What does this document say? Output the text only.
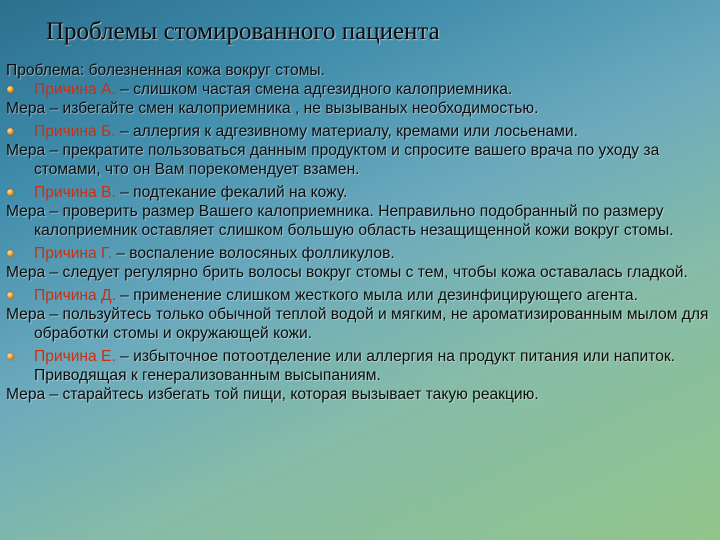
Проблемы стомированного пациента
Проблема: болезненная кожа вокруг стомы.
Причина А. – слишком частая смена адгезидного калоприемника.
Мера – избегайте смен калоприемника , не вызываных необходимостью.
Причина Б. – аллергия к адгезивному материалу, кремами или лосьенами.
Мера – прекратите пользоваться данным продуктом и спросите вашего врача по уходу за стомами, что он Вам порекомендует взамен.
Причина В. – подтекание фекалий на кожу.
Мера – проверить размер Вашего калоприемника. Неправильно подобранный по размеру калоприемник оставляет слишком большую область незащищенной кожи вокруг стомы.
Причина Г. – воспаление волосяных фолликулов.
Мера – следует регулярно брить волосы вокруг стомы с тем, чтобы кожа оставалась гладкой.
Причина Д. – применение слишком жесткого мыла или дезинфицирующего агента.
Мера – пользуйтесь только обычной теплой водой и мягким, не ароматизированным мылом для обработки стомы и окружающей кожи.
Причина Е. – избыточное потоотделение или аллергия на продукт питания или напиток. Приводящая к генерализованным высыпаниям.
Мера – старайтесь избегать той пищи, которая вызывает такую реакцию.
